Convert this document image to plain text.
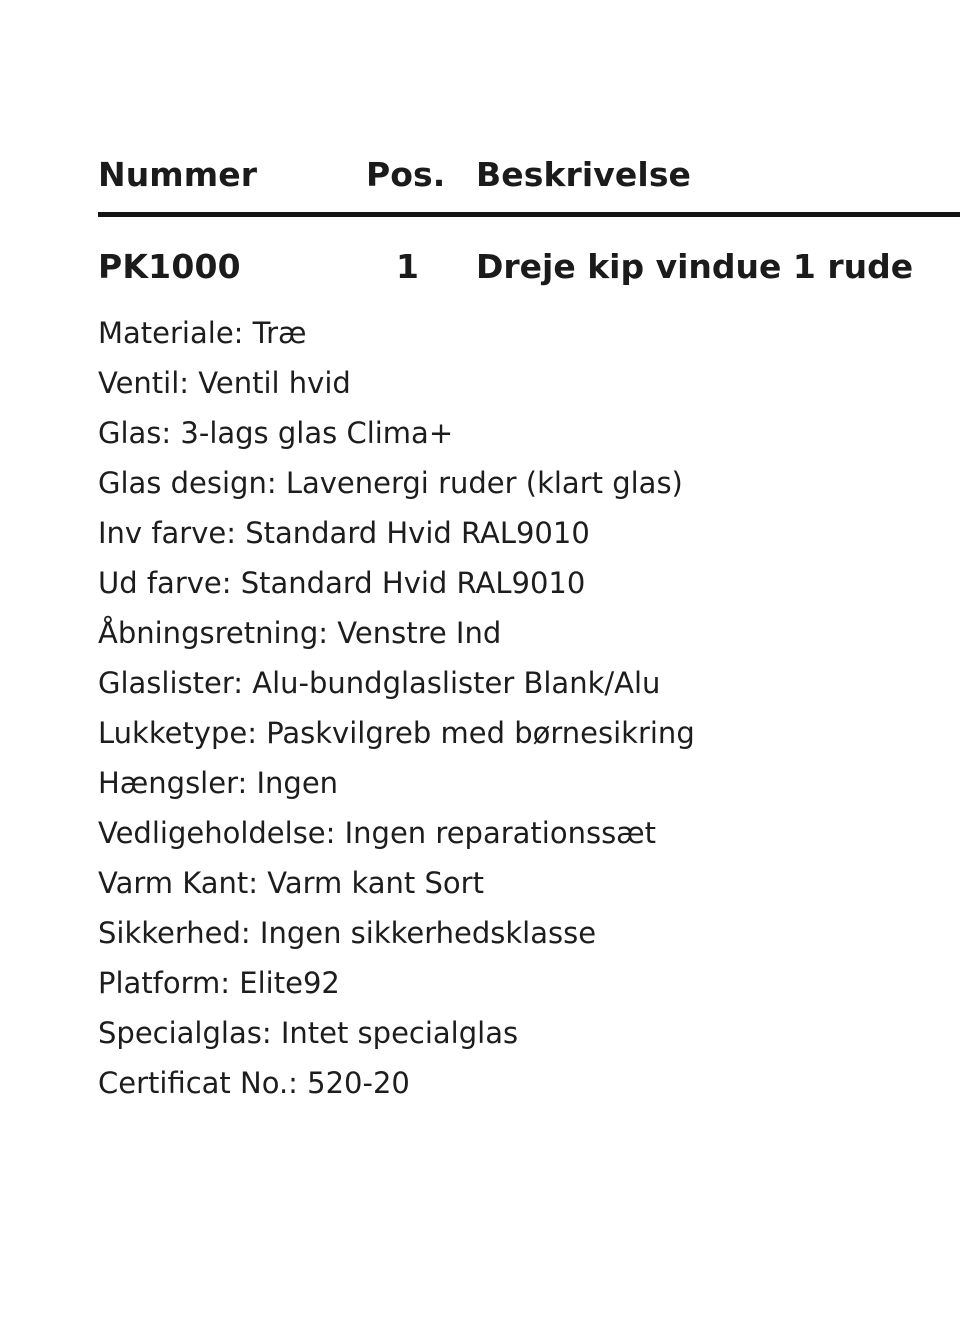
Nummer	Pos. Beskrivelse
PK1000	1	Dreje kip vindue 1 rude
Materiale: Træ
Ventil: Ventil hvid
Glas: 3-lags glas Clima+
Glas design: Lavenergi ruder (klart glas)
Inv farve: Standard Hvid RAL9010
Ud farve: Standard Hvid RAL9010
Åbningsretning: Venstre Ind
Glaslister: Alu-bundglaslister Blank/Alu
Lukketype: Paskvilgreb med børnesikring
Hængsler: Ingen
Vedligeholdelse: Ingen reparationssæt
Varm Kant: Varm kant Sort
Sikkerhed: Ingen sikkerhedsklasse
Platform: Elite92
Specialglas: Intet specialglas
Certificat No.: 520-20
